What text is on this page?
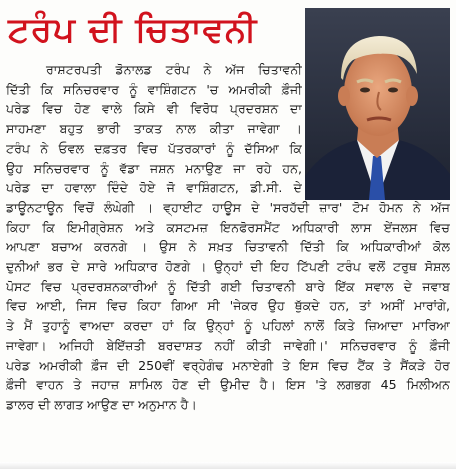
ਟਰੰਪ ਦੀ ਚਿਤਾਵਨੀ
ਰਾਸ਼ਟਰਪਤੀ ਡੋਨਾਲਡ ਟਰੰਪ ਨੇ ਅੱਜ ਚਿਤਾਵਨੀ
ਦਿੱਤੀ ਕਿ ਸਨਿਚਰਵਾਰ ਨੂੰ ਵਾਸ਼ਿੰਗਟਨ 'ਚ ਅਮਰੀਕੀ ਫ਼ੌਜੀ
ਪਰੇਡ ਵਿਚ ਹੋਣ ਵਾਲੇ ਕਿਸੇ ਵੀ ਵਿਰੋਧ ਪ੍ਰਦਰਸ਼ਨ ਦਾ
ਸਾਹਮਣਾ ਬਹੁਤ ਭਾਰੀ ਤਾਕਤ ਨਾਲ ਕੀਤਾ ਜਾਵੇਗਾ ।
ਟਰੰਪ ਨੇ ਓਵਲ ਦਫ਼ਤਰ ਵਿਚ ਪੱਤਰਕਾਰਾਂ ਨੂੰ ਦੱਸਿਆ ਕਿ
ਉਹ ਸਨਿਚਰਵਾਰ ਨੂੰ ਵੱਡਾ ਜਸ਼ਨ ਮਨਾਉਣ ਜਾ ਰਹੇ ਹਨ,
ਪਰੇਡ ਦਾ ਹਵਾਲਾ ਦਿੰਦੇ ਹੋਏ ਜੋ ਵਾਸ਼ਿੰਗਟਨ, ਡੀ.ਸੀ. ਦੇ
ਡਾਊਨਟਾਊਨ ਵਿਚੋਂ ਲੰਘੇਗੀ । ਵ੍ਹਾਈਟ ਹਾਊਸ ਦੇ 'ਸਰਹੱਦੀ ਜ਼ਾਰ' ਟੋਮ ਹੋਮਨ ਨੇ ਅੱਜ
ਕਿਹਾ ਕਿ ਇਮੀਗ੍ਰੇਸ਼ਨ ਅਤੇ ਕਸਟਮਜ਼ ਇਨਫੋਰਸਮੈਂਟ ਅਧਿਕਾਰੀ ਲਾਸ ਏਂਜਲਸ ਵਿਚ
ਆਪਣਾ ਬਚਾਅ ਕਰਨਗੇ । ਉਸ ਨੇ ਸਖ਼ਤ ਚਿਤਾਵਨੀ ਦਿੱਤੀ ਕਿ ਅਧਿਕਾਰੀਆਂ ਕੋਲ
ਦੁਨੀਆਂ ਭਰ ਦੇ ਸਾਰੇ ਅਧਿਕਾਰ ਹੋਣਗੇ । ਉਨ੍ਹਾਂ ਦੀ ਇਹ ਟਿੱਪਣੀ ਟਰੰਪ ਵਲੋਂ ਟਰੁਥ ਸੋਸ਼ਲ
ਪੋਸਟ ਵਿਚ ਪ੍ਰਦਰਸ਼ਨਕਾਰੀਆਂ ਨੂੰ ਦਿੱਤੀ ਗਈ ਚਿਤਾਵਨੀ ਬਾਰੇ ਇੱਕ ਸਵਾਲ ਦੇ ਜਵਾਬ
ਵਿਚ ਆਈ, ਜਿਸ ਵਿਚ ਕਿਹਾ ਗਿਆ ਸੀ 'ਜੇਕਰ ਉਹ ਥੁੱਕਦੇ ਹਨ, ਤਾਂ ਅਸੀਂ ਮਾਰਾਂਗੇ,
ਤੇ ਮੈਂ ਤੁਹਾਨੂੰ ਵਾਅਦਾ ਕਰਦਾ ਹਾਂ ਕਿ ਉਨ੍ਹਾਂ ਨੂੰ ਪਹਿਲਾਂ ਨਾਲੋਂ ਕਿਤੇ ਜ਼ਿਆਦਾ ਮਾਰਿਆ
ਜਾਵੇਗਾ। ਅਜਿਹੀ ਬੇਇੱਜ਼ਤੀ ਬਰਦਾਸ਼ਤ ਨਹੀਂ ਕੀਤੀ ਜਾਵੇਗੀ।' ਸਨਿਚਰਵਾਰ ਨੂੰ ਫ਼ੌਜੀ
ਪਰੇਡ ਅਮਰੀਕੀ ਫ਼ੌਜ ਦੀ 250ਵੀਂ ਵਰ੍ਹੇਗੰਢ ਮਨਾਏਗੀ ਤੇ ਇਸ ਵਿਚ ਟੈਂਕ ਤੇ ਸੈਂਕੜੇ ਹੋਰ
ਫ਼ੌਜੀ ਵਾਹਨ ਤੇ ਜਹਾਜ਼ ਸ਼ਾਮਿਲ ਹੋਣ ਦੀ ਉਮੀਦ ਹੈ। ਇਸ 'ਤੇ ਲਗਭਗ 45 ਮਿਲੀਅਨ
ਡਾਲਰ ਦੀ ਲਾਗਤ ਆਉਣ ਦਾ ਅਨੁਮਾਨ ਹੈ।
